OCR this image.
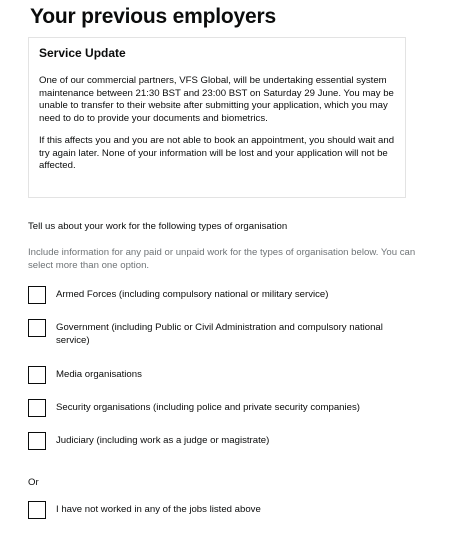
Your previous employers
Service Update

One of our commercial partners, VFS Global, will be undertaking essential system maintenance between 21:30 BST and 23:00 BST on Saturday 29 June. You may be unable to transfer to their website after submitting your application, which you may need to do to provide your documents and biometrics.

If this affects you and you are not able to book an appointment, you should wait and try again later. None of your information will be lost and your application will not be affected.

Tell us about your work for the following types of organisation

Include information for any paid or unpaid work for the types of organisation below. You can select more than one option.

Armed Forces (including compulsory national or military service)
Government (including Public or Civil Administration and compulsory national service)
Media organisations
Security organisations (including police and private security companies)
Judiciary (including work as a judge or magistrate)

Or

I have not worked in any of the jobs listed above
